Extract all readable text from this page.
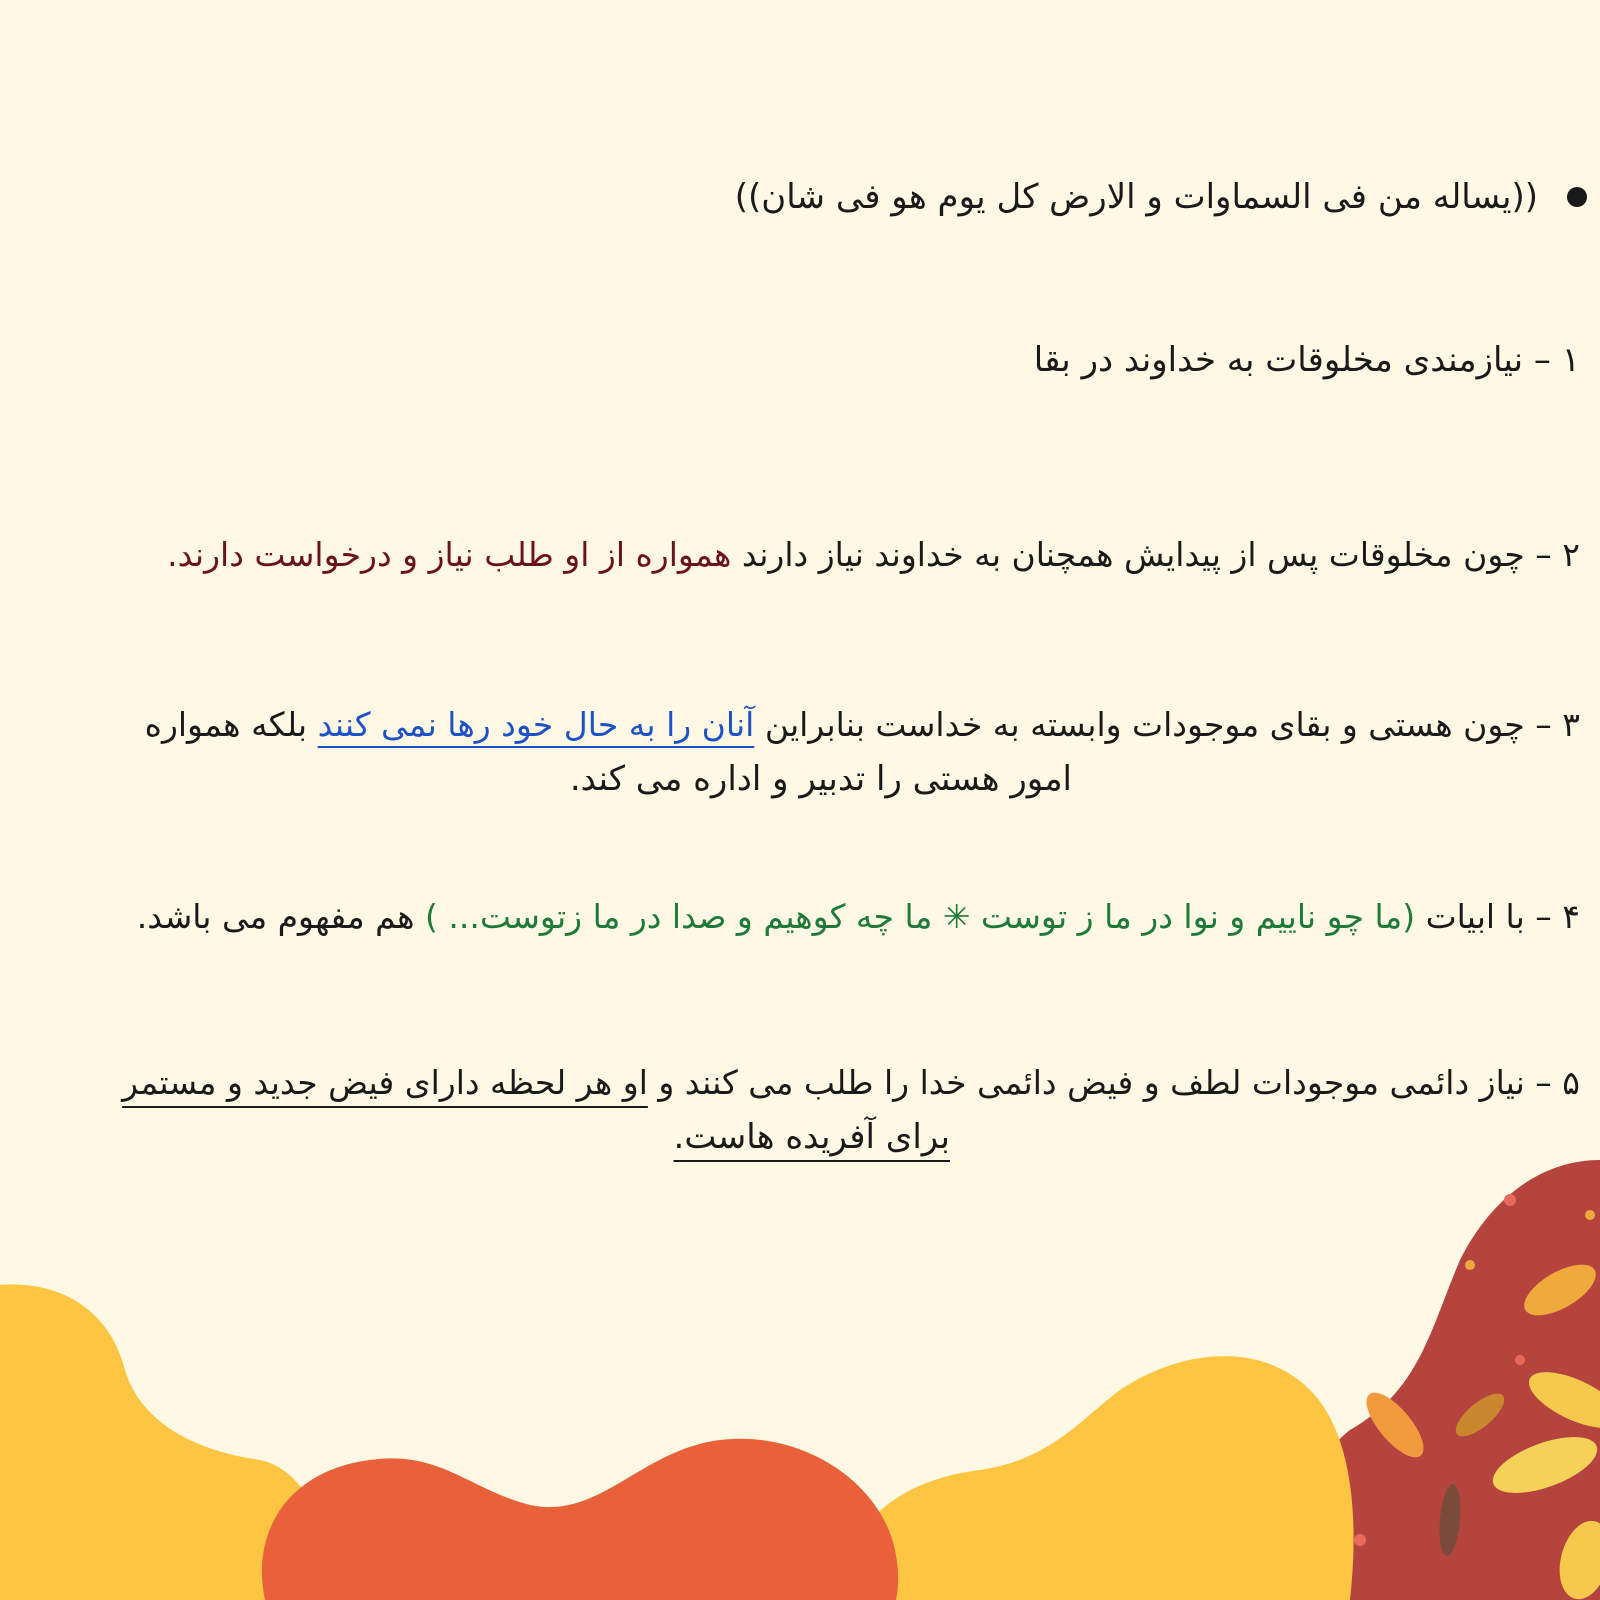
((یساله من فی السماوات و الارض کل یوم هو فی شان))
۱ – نیازمندی مخلوقات به خداوند در بقا
۲ – چون مخلوقات پس از پیدایش همچنان به خداوند نیاز دارند همواره از او طلب نیاز و درخواست دارند.
۳ – چون هستی و بقای موجودات وابسته به خداست بنابراین آنان را به حال خود رها نمی کنند بلکه همواره
امور هستی را تدبیر و اداره می کند.
۴ – با ابیات (ما چو ناییم و نوا در ما ز توست ✳ ما چه کوهیم و صدا در ما زتوست... ) هم مفهوم می باشد.
۵ – نیاز دائمی موجودات لطف و فیض دائمی خدا را طلب می کنند و او هر لحظه دارای فیض جدید و مستمر
برای آفریده هاست.
